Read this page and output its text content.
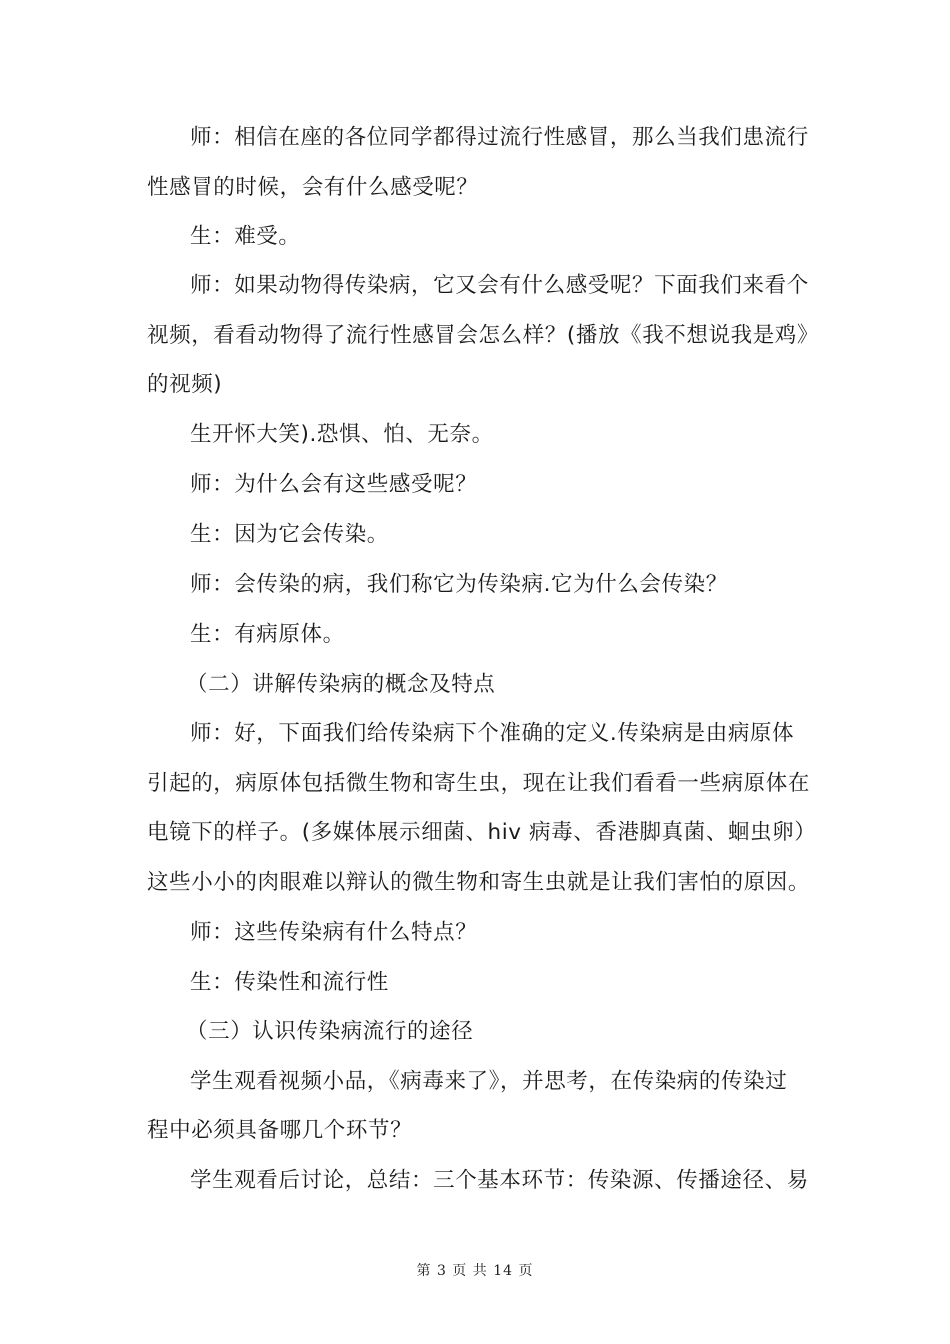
师：相信在座的各位同学都得过流行性感冒，那么当我们患流行
性感冒的时候，会有什么感受呢？
生：难受。
师：如果动物得传染病，它又会有什么感受呢？下面我们来看个
视频，看看动物得了流行性感冒会怎么样？(播放《我不想说我是鸡》
的视频)
生开怀大笑).恐惧、怕、无奈。
师：为什么会有这些感受呢？
生：因为它会传染。
师：会传染的病，我们称它为传染病.它为什么会传染？
生：有病原体。
（二）讲解传染病的概念及特点
师：好，下面我们给传染病下个准确的定义.传染病是由病原体
引起的，病原体包括微生物和寄生虫，现在让我们看看一些病原体在
电镜下的样子。(多媒体展示细菌、hiv 病毒、香港脚真菌、蛔虫卵）
这些小小的肉眼难以辩认的微生物和寄生虫就是让我们害怕的原因。
师：这些传染病有什么特点？
生：传染性和流行性
（三）认识传染病流行的途径
学生观看视频小品，《病毒来了》，并思考，在传染病的传染过
程中必须具备哪几个环节？
学生观看后讨论，总结：三个基本环节：传染源、传播途径、易
第 3 页 共 14 页
